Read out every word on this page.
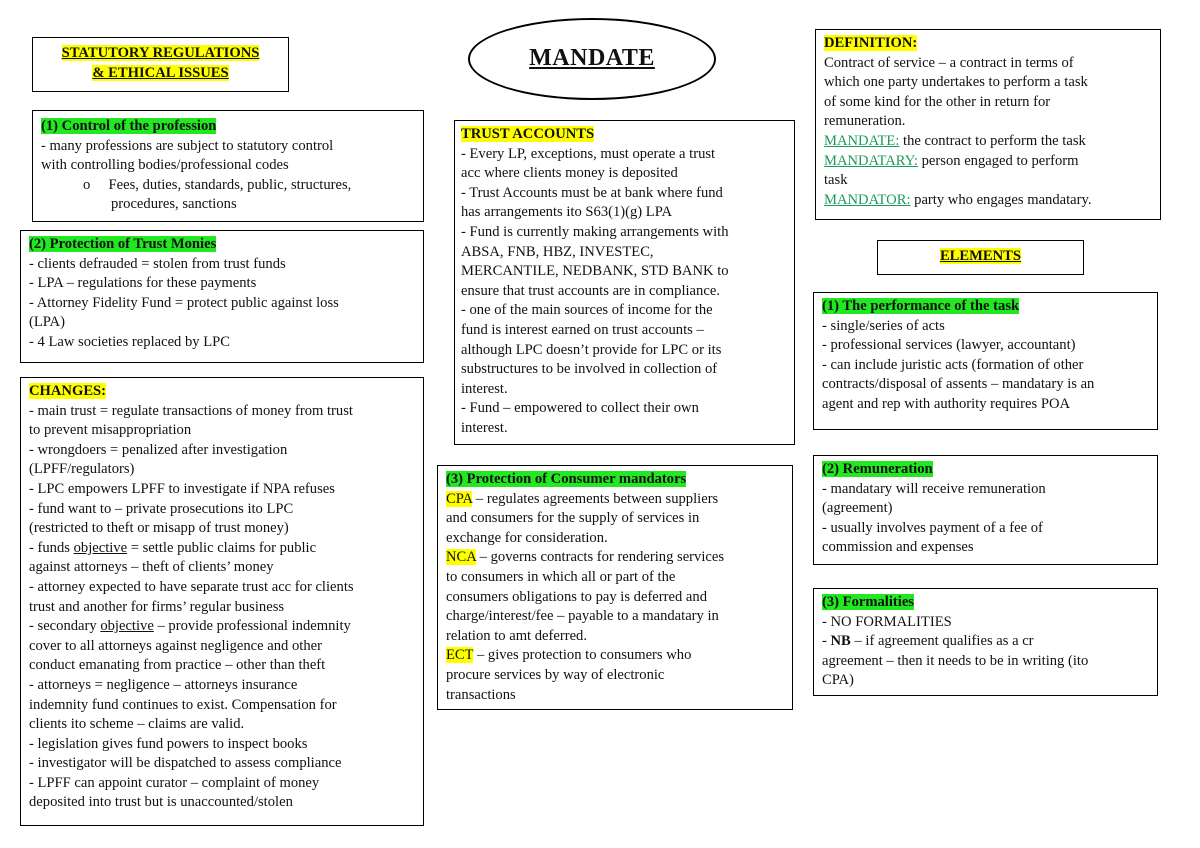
STATUTORY REGULATIONS
& ETHICAL ISSUES
MANDATE
(1) Control of the profession
- many professions are subject to statutory control
with controlling bodies/professional codes
o Fees, duties, standards, public, structures,
procedures, sanctions
(2) Protection of Trust Monies
- clients defrauded = stolen from trust funds
- LPA – regulations for these payments
- Attorney Fidelity Fund = protect public against loss
(LPA)
- 4 Law societies replaced by LPC
CHANGES:
- main trust = regulate transactions of money from trust
to prevent misappropriation
- wrongdoers = penalized after investigation
(LPFF/regulators)
- LPC empowers LPFF to investigate if NPA refuses
- fund want to – private prosecutions ito LPC
(restricted to theft or misapp of trust money)
- funds objective = settle public claims for public
against attorneys – theft of clients’ money
- attorney expected to have separate trust acc for clients
trust and another for firms’ regular business
- secondary objective – provide professional indemnity
cover to all attorneys against negligence and other
conduct emanating from practice – other than theft
- attorneys = negligence – attorneys insurance
indemnity fund continues to exist. Compensation for
clients ito scheme – claims are valid.
- legislation gives fund powers to inspect books
- investigator will be dispatched to assess compliance
- LPFF can appoint curator – complaint of money
deposited into trust but is unaccounted/stolen
TRUST ACCOUNTS
- Every LP, exceptions, must operate a trust
acc where clients money is deposited
- Trust Accounts must be at bank where fund
has arrangements ito S63(1)(g) LPA
- Fund is currently making arrangements with
ABSA, FNB, HBZ, INVESTEC,
MERCANTILE, NEDBANK, STD BANK to
ensure that trust accounts are in compliance.
- one of the main sources of income for the
fund is interest earned on trust accounts –
although LPC doesn’t provide for LPC or its
substructures to be involved in collection of
interest.
- Fund – empowered to collect their own
interest.
(3) Protection of Consumer mandators
CPA – regulates agreements between suppliers
and consumers for the supply of services in
exchange for consideration.
NCA – governs contracts for rendering services
to consumers in which all or part of the
consumers obligations to pay is deferred and
charge/interest/fee – payable to a mandatary in
relation to amt deferred.
ECT – gives protection to consumers who
procure services by way of electronic
transactions
DEFINITION:
Contract of service – a contract in terms of
which one party undertakes to perform a task
of some kind for the other in return for
remuneration.
MANDATE: the contract to perform the task
MANDATARY: person engaged to perform
task
MANDATOR: party who engages mandatary.
ELEMENTS
(1) The performance of the task
- single/series of acts
- professional services (lawyer, accountant)
- can include juristic acts (formation of other
contracts/disposal of assents – mandatary is an
agent and rep with authority requires POA
(2) Remuneration
- mandatary will receive remuneration
(agreement)
- usually involves payment of a fee of
commission and expenses
(3) Formalities
- NO FORMALITIES
- NB – if agreement qualifies as a cr
agreement – then it needs to be in writing (ito
CPA)
